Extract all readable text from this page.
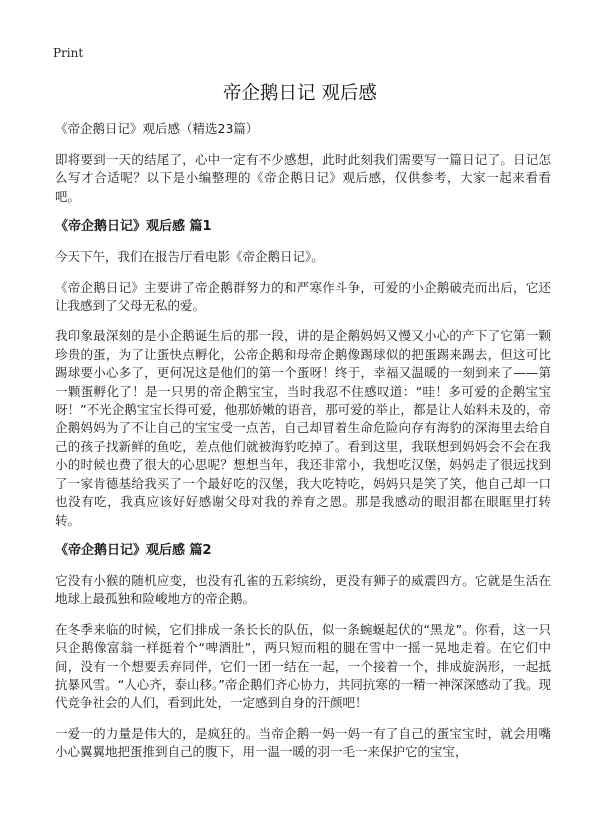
Print
帝企鹅日记 观后感

《帝企鹅日记》观后感（精选23篇）

即将要到一天的结尾了，心中一定有不少感想，此时此刻我们需要写一篇日记了。日记怎么写才合适呢？以下是小编整理的《帝企鹅日记》观后感，仅供参考，大家一起来看看吧。

《帝企鹅日记》观后感 篇1

今天下午，我们在报告厅看电影《帝企鹅日记》。

《帝企鹅日记》主要讲了帝企鹅群努力的和严寒作斗争，可爱的小企鹅破壳而出后，它还让我感到了父母无私的爱。

我印象最深刻的是小企鹅诞生后的那一段，讲的是企鹅妈妈又慢又小心的产下了它第一颗珍贵的蛋，为了让蛋快点孵化，公帝企鹅和母帝企鹅像踢球似的把蛋踢来踢去，但这可比踢球要小心多了，更何况这是他们的第一个蛋呀！终于，幸福又温暖的一刻到来了——第一颗蛋孵化了！是一只男的帝企鹅宝宝，当时我忍不住感叹道：“哇！多可爱的企鹅宝宝呀！”不光企鹅宝宝长得可爱，他那娇嫩的语音，那可爱的举止，都是让人始料未及的，帝企鹅妈妈为了不让自己的宝宝受一点苦，自己却冒着生命危险向存有海豹的深海里去给自己的孩子找新鲜的鱼吃，差点他们就被海豹吃掉了。看到这里，我联想到妈妈会不会在我小的时候也费了很大的心思呢？想想当年，我还非常小，我想吃汉堡，妈妈走了很远找到了一家肯德基给我买了一个最好吃的汉堡，我大吃特吃，妈妈只是笑了笑，他自己却一口也没有吃，我真应该好好感谢父母对我的养育之恩。那是我感动的眼泪都在眼眶里打转转。

《帝企鹅日记》观后感 篇2

它没有小猴的随机应变，也没有孔雀的五彩缤纷，更没有狮子的威震四方。它就是生活在地球上最孤独和险峻地方的帝企鹅。

在冬季来临的时候，它们排成一条长长的队伍，似一条蜿蜒起伏的“黑龙”。你看，这一只只企鹅像富翁一样挺着个“啤酒肚”，两只短而粗的腿在雪中一摇一晃地走着。在它们中间，没有一个想要丢弃同伴，它们一团一结在一起，一个接着一个，排成旋涡形，一起抵抗暴风雪。“人心齐，泰山移。”帝企鹅们齐心协力，共同抗寒的一精一神深深感动了我。现代竞争社会的人们，看到此处，一定感到自身的汗颜吧！

一爱一的力量是伟大的，是疯狂的。当帝企鹅一妈一妈一有了自己的蛋宝宝时，就会用嘴小心翼翼地把蛋推到自己的腹下，用一温一暖的羽一毛一来保护它的宝宝，
